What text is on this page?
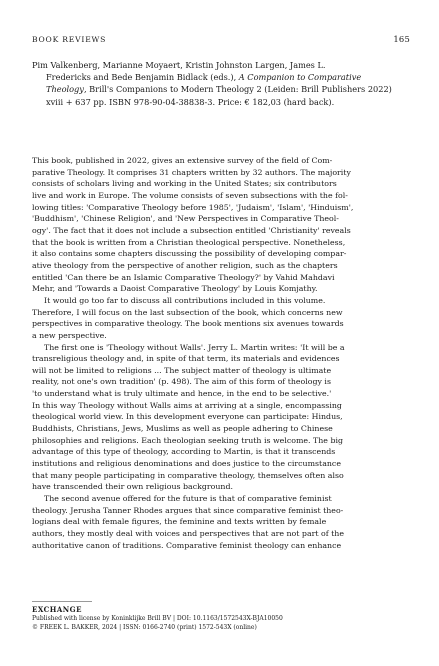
BOOK REVIEWS	165
Pim Valkenberg, Marianne Moyaert, Kristin Johnston Largen, James L.
Fredericks and Bede Benjamin Bidlack (eds.), A Companion to Comparative
Theology, Brill's Companions to Modern Theology 2 (Leiden: Brill Publishers 2022)
xviii + 637 pp. ISBN 978-90-04-38838-3. Price: € 182,03 (hard back).
This book, published in 2022, gives an extensive survey of the field of Com-
parative Theology. It comprises 31 chapters written by 32 authors. The majority
consists of scholars living and working in the United States; six contributors
live and work in Europe. The volume consists of seven subsections with the fol-
lowing titles: 'Comparative Theology before 1985', 'Judaism', 'Islam', 'Hinduism',
'Buddhism', 'Chinese Religion', and 'New Perspectives in Comparative Theol-
ogy'. The fact that it does not include a subsection entitled 'Christianity' reveals
that the book is written from a Christian theological perspective. Nonetheless,
it also contains some chapters discussing the possibility of developing compar-
ative theology from the perspective of another religion, such as the chapters
entitled 'Can there be an Islamic Comparative Theology?' by Vahid Mahdavi
Mehr, and 'Towards a Daoist Comparative Theology' by Louis Komjathy.
It would go too far to discuss all contributions included in this volume.
Therefore, I will focus on the last subsection of the book, which concerns new
perspectives in comparative theology. The book mentions six avenues towards
a new perspective.
The first one is 'Theology without Walls'. Jerry L. Martin writes: 'It will be a
transreligious theology and, in spite of that term, its materials and evidences
will not be limited to religions ... The subject matter of theology is ultimate
reality, not one's own tradition' (p. 498). The aim of this form of theology is
'to understand what is truly ultimate and hence, in the end to be selective.'
In this way Theology without Walls aims at arriving at a single, encompassing
theological world view. In this development everyone can participate: Hindus,
Buddhists, Christians, Jews, Muslims as well as people adhering to Chinese
philosophies and religions. Each theologian seeking truth is welcome. The big
advantage of this type of theology, according to Martin, is that it transcends
institutions and religious denominations and does justice to the circumstance
that many people participating in comparative theology, themselves often also
have transcended their own religious background.
The second avenue offered for the future is that of comparative feminist
theology. Jerusha Tanner Rhodes argues that since comparative feminist theo-
logians deal with female figures, the feminine and texts written by female
authors, they mostly deal with voices and perspectives that are not part of the
authoritative canon of traditions. Comparative feminist theology can enhance
EXCHANGE
Published with license by Koninklijke Brill BV | DOI: 10.1163/1572543X-BJA10050
© FREEK L. BAKKER, 2024 | ISSN: 0166-2740 (print) 1572-543X (online)
